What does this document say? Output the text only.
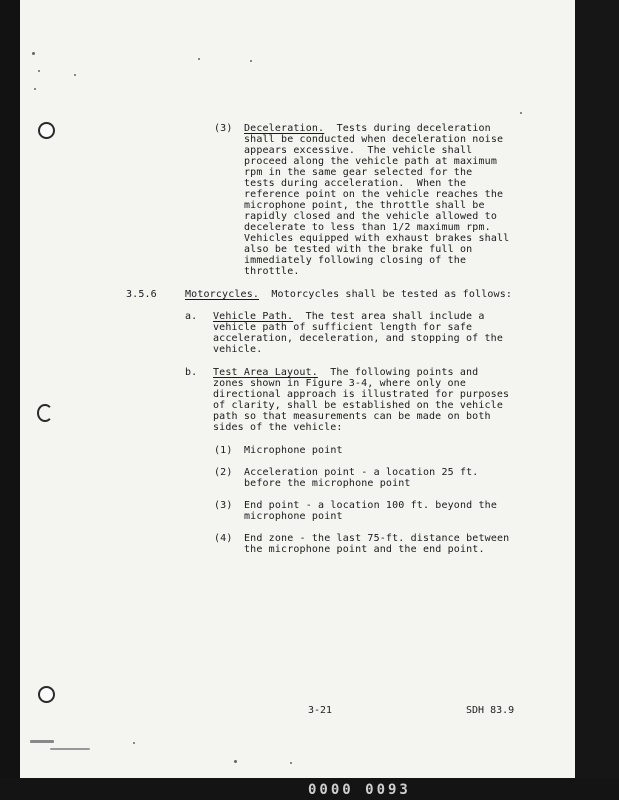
(3) Deceleration. Tests during deceleration
shall be conducted when deceleration noise
appears excessive.  The vehicle shall
proceed along the vehicle path at maximum
rpm in the same gear selected for the
tests during acceleration.  When the
reference point on the vehicle reaches the
microphone point, the throttle shall be
rapidly closed and the vehicle allowed to
decelerate to less than 1/2 maximum rpm.
Vehicles equipped with exhaust brakes shall
also be tested with the brake full on
immediately following closing of the
throttle.
3.5.6	Motorcycles. Motorcycles shall be tested as follows:
a. Vehicle Path. The test area shall include a
vehicle path of sufficient length for safe
acceleration, deceleration, and stopping of the
vehicle.
b. Test Area Layout. The following points and
zones shown in Figure 3-4, where only one
directional approach is illustrated for purposes
of clarity, shall be established on the vehicle
path so that measurements can be made on both
sides of the vehicle:
(1) Microphone point
(2) Acceleration point - a location 25 ft.
before the microphone point
(3) End point - a location 100 ft. beyond the
microphone point
(4) End zone - the last 75-ft. distance between
the microphone point and the end point.
3-21	SDH 83.9
0000 0093
